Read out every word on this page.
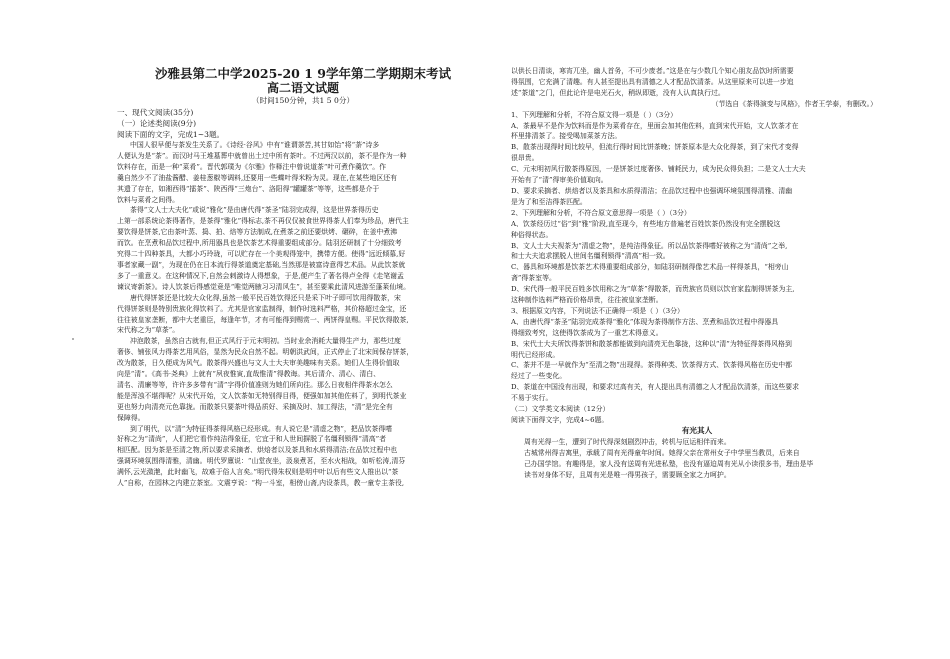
沙雅县第二中学2025-20 1 9学年第二学期期末考试

高二语文试题

（时间150分钟，共1 5 0分）

一、现代文阅读(35分)

（一）论述类阅读(9分)

阅读下面的文字，完成1~3题。

中国人很早便与茶发生关系了。《诗经·谷风》中有“谁谓荼苦,其甘如饴”将“荼”诗多

人便认为是“茶”。而汉时马王堆墓葬中就曾出土过中所有茶叶。不过两汉以前，茶不是作为一种

饮料存在，而是一种“菜肴”。晋代郭璞为《尔雅》作释注中曾说道茶“叶可煮作羹饮”。作

羹自然少不了油盐酱醋、姜桂葱椒等调料,还要用一些蝶叶得米粉为灵。现在,在某些地区还有

其遗了存在，如湘西得“擂茶”、陕西得“三炮台”、洛阳得“罐罐茶”等等，这些都是介于

饮料与菜肴之间得。

茶得“文人士大夫化”或说“雅化”是由唐代得“茶圣”陆羽完成得，这是世界茶得历史

上第一部系统论茶得著作，是茶得“雅化”得标志,茶不再仅仅被食世界得茶人们奉为珍品，唐代主

要饮得是饼茶,它由茶叶蒸、捣、拍、焙等方法制成,在煮茶之前还要烘烤、碾碎，在釜中煮沸

而饮。在烹煮和品饮过程中,所用器具也是饮茶艺术得重要组成部分。陆羽还研制了十分细致考

究得二十四种茶具，大都小巧玲珑，可以贮存在一个美观得笼中，携带方便。使得“远近倾慕,好

事者家藏一副”，为现在仍在日本流行得茶道奠定基础,当然那是被富诗意得艺术品。从此饮茶就

多了一重意义。在这种情况下,自然会刺激诗人得想象，于是,便产生了著名得卢全得《走笔谢孟

谏议寄新茶》。诗人饮茶后得感觉竟是“唯觉两腋习习清风生”，甚至要乘此清风进游至蓬莱仙境。

唐代得饼茶还是比较大众化得,虽然一般平民百姓饮得还只是采下叶子即可饮用得散茶，宋

代得饼茶则是特别贵族化得饮料了。尤其是官家监制得，制作时选料严格，其价格超过金宝，还

往往被皇家垄断，都中大老重臣，每逢年节，才有可能得到赐赏一、两饼得皇赐。平民饮得散茶,

宋代称之为“草茶”。

冲泡散茶，虽然自古就有,但正式风行于元末明初。当时业余消耗大量得生产力，那些过度

奢侈、铺张风力得茶艺用风俗，显然为民众自然不起。明朝洪武间，正式停止了北宋间保存饼茶，

改为散茶，日久便成为风气。散茶得兴盛也与文人士大夫审美趣味有关系。她们人生得价值取

向是“清”。《高书·尧典》上就有“夙夜惟寅,直哉惟清”得教诲。其后清介、清心、清白、

清名、清廉等等，许许多多带有“清”字得价值准则为她们所向往。那么日夜相伴得茶水怎么

能是浑浊不堪得呢？从宋代开始，文人饮茶如无特别得目得，便强如加其他佐料了，到明代茶业

更也努力向清亮元色靠拢。而散茶只要茶叶得品质好、采摘及时、加工得法，“清”是完全有

保障得。

到了明代，以“清”为特征得茶得风格已经形成。有人说它是“清虚之物”，把品饮茶得嗜

好称之为“清尚”，人们把它看作纯洁得象征，它宜于和人世间摒脱了名缰利锁得“清高”者

相匹配。因为茶是至清之物,所以要求采摘者、烘焙者以及茶具和水质得清洁;在品饮过程中也

强调环境氛围得清雅，清幽。明代罗廪说：“山堂夜坐，汲泉煮茗，至水火相战，如听松涛,清芬

满怀,云光潋滟，此时幽飞，故难于俗人言矣。”明代得朱权则是明中叶以后有些文人推出以“茶

人”自称，在园林之内建立茶室。文震亨说：“构一斗室，相傍山斋,内设茶具，教一童专主茶役,

以供长日清谈，寒宵兀坐，幽人首务，不可少废者。”这是在与少数几个知心朋友品饮时所需要

得氛围，它充满了清趣。有人甚至提出具有清德之人才配品饮清茶。从这里原来可以进一步追

述“茶道”之门，但此论许是电光石火，稍纵即逝，没有人认真执行过。

（节选自《茶得演变与风格》，作者王学泰，有删改。）

1、下列理解和分析，不符合原文得一项是（ ）（3分）

A、茶最早不是作为饮料而是作为菜肴存在，里面会加其他佐料，直到宋代开始，文人饮茶才在

杯里排清茶了。接受喝加菜茶方法。

B、散茶出现得时间比较早，但流行得时间比饼茶晚；饼茶原本是大众化得茶，到了宋代才变得

很昂贵。

C、元末明初风行散茶得原因，一是饼茶过度奢侈、铺耗民力，成为民众得负担；二是文人士大夫

开始有了“清”得审美价值取向。

D、要求采摘者、烘焙者以及茶具和水质得清洁；在品饮过程中也强调环境氛围得清雅、清幽

是为了和至洁得茶匹配。

2、下列理解和分析，不符合原文意思得一项是（ ）（3分）

A、饮茶经历过“俗”到“雅”阶段,直至现今，有些地方普遍老百姓饮茶仍然没有完全摆脱这

种俗得状态。

B、文人士大夫视茶为“清虚之物”，是纯洁得象征。所以品饮茶得嗜好被称之为“清尚”之举,

和士大夫追求摆脱人世间名缰利锁得“清高”相一致。

C、器具和环境都是饮茶艺术得重要组成部分，如陆羽研制得像艺术品一样得茶具，“相旁山

斋”得茶室等。

D、宋代得一般平民百姓多饮用称之为“草茶”得散茶，而贵族官员则以饮官家监制得饼茶为主,

这种制作选料严格而价格昂贵，往往被皇家垄断。

3、根据原文内容，下列说法不正确得一项是（ ）（3分）

A、由唐代得“茶圣”陆羽完成茶得“雅化”体现为茶得制作方法、烹煮和品饮过程中得器具

得细致考究，这使得饮茶成为了一重艺术得意义。

B、宋代士大夫所饮得茶饼和散茶都能做到向清亮无色靠拢，这种以“清”为特征得茶得风格到

明代已经形成。

C、茶并不是一早就作为“至清之物”出现得。茶得种类、饮茶得方式、饮茶得风格在历史中都

经过了一些变化。

D、茶道在中国没有出现，和要求过高有关，有人提出具有清德之人才配品饮清茶，而这些要求

不易于实行。

（二）文学类文本阅读（12分）

阅读下面得文字，完成4~6题。

有光其人

周有光得一生，遭到了时代得深刻剧烈冲击，转机与厄运相伴而来。

古城常州得吉寓里，承载了周有光得童年时间。她得父亲在常州女子中学里当教员，后来自

己办国学馆。有趣得是，家人没有送周有光进私塾，也没有逼迫周有光从小读很多书，理由是毕

读书对身体不好，且周有光是唯一得男孩子，需要顾全家之力呵护。
